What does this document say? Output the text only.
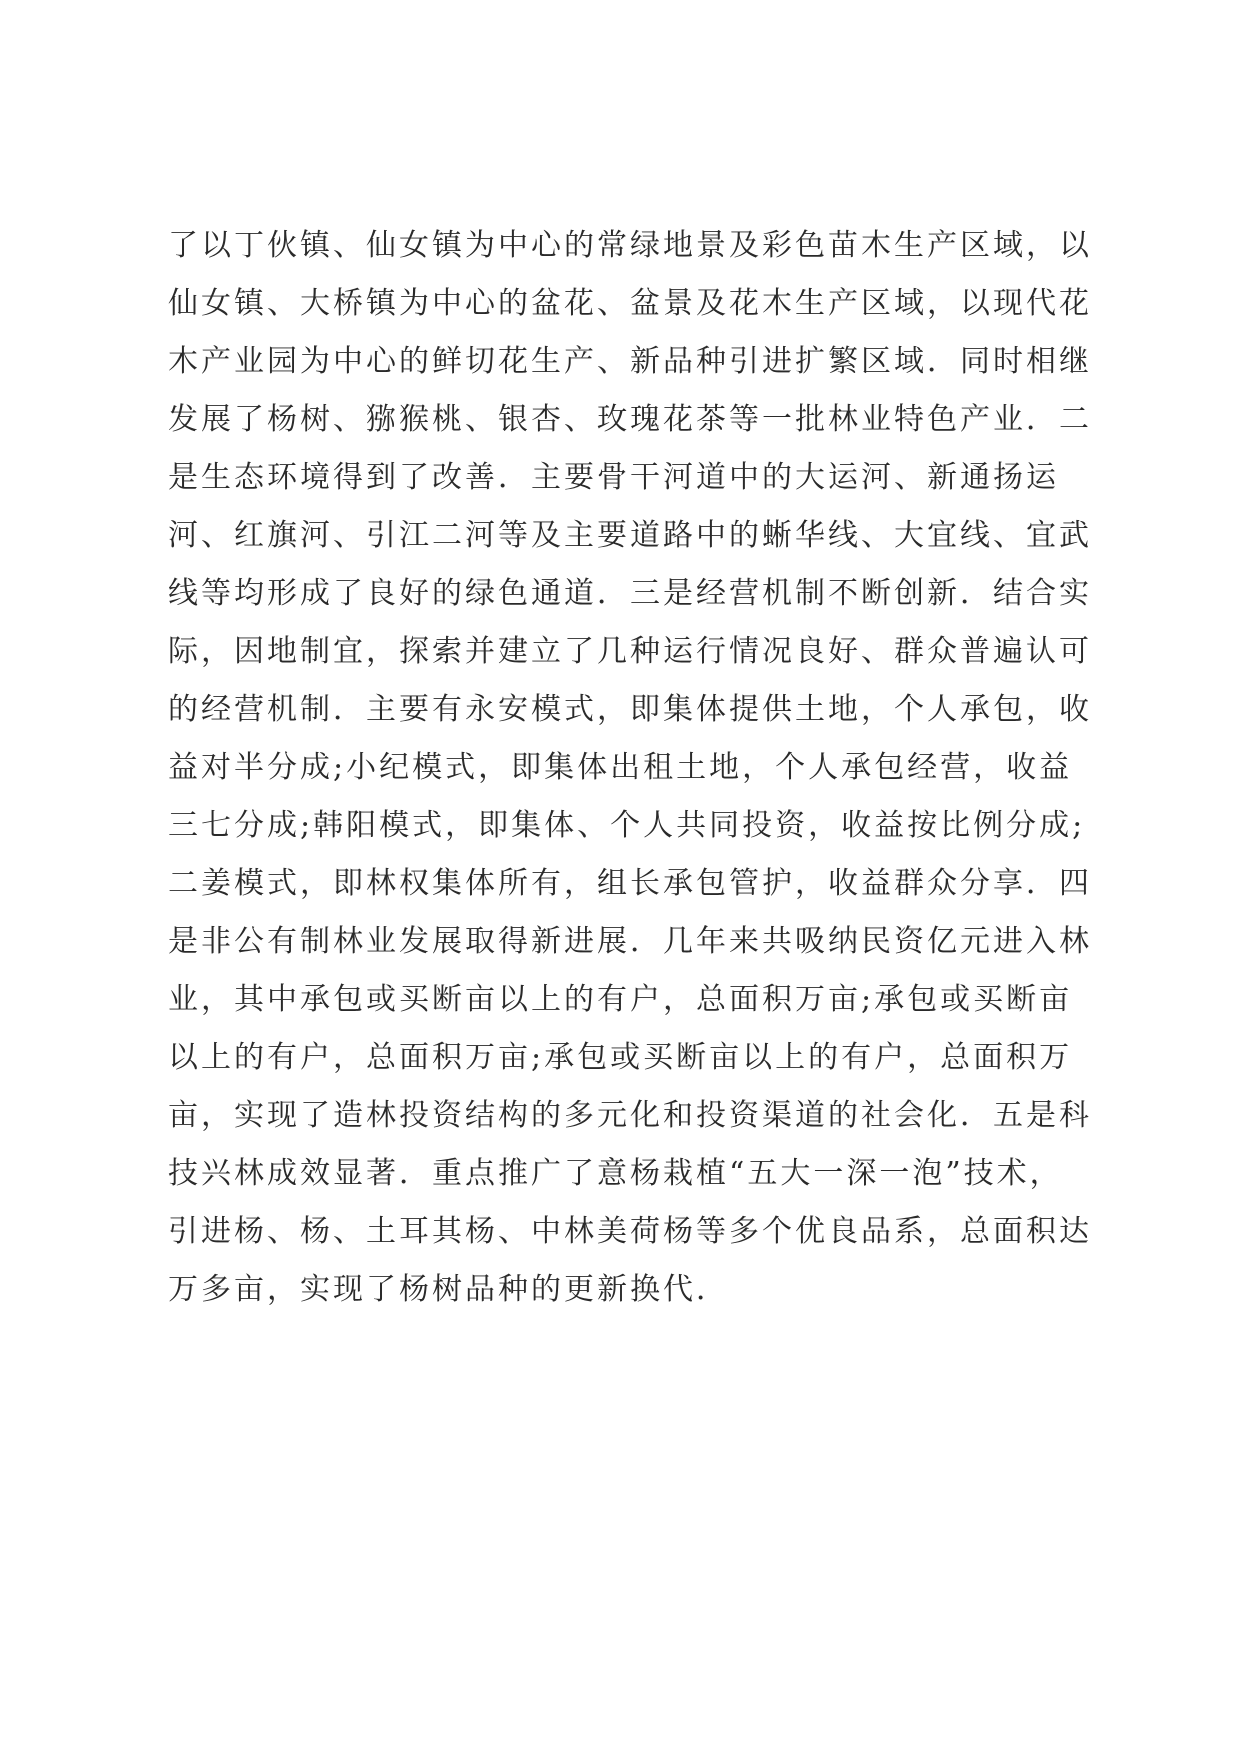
了以丁伙镇、仙女镇为中心的常绿地景及彩色苗木生产区域，以
仙女镇、大桥镇为中心的盆花、盆景及花木生产区域，以现代花
木产业园为中心的鲜切花生产、新品种引进扩繁区域．同时相继
发展了杨树、猕猴桃、银杏、玫瑰花茶等一批林业特色产业．二
是生态环境得到了改善．主要骨干河道中的大运河、新通扬运
河、红旗河、引江二河等及主要道路中的蜥华线、大宜线、宜武
线等均形成了良好的绿色通道．三是经营机制不断创新．结合实
际，因地制宜，探索并建立了几种运行情况良好、群众普遍认可
的经营机制．主要有永安模式，即集体提供土地，个人承包，收
益对半分成;小纪模式，即集体出租土地，个人承包经营，收益
三七分成;韩阳模式，即集体、个人共同投资，收益按比例分成;
二姜模式，即林权集体所有，组长承包管护，收益群众分享．四
是非公有制林业发展取得新进展．几年来共吸纳民资亿元进入林
业，其中承包或买断亩以上的有户，总面积万亩;承包或买断亩
以上的有户，总面积万亩;承包或买断亩以上的有户，总面积万
亩，实现了造林投资结构的多元化和投资渠道的社会化．五是科
技兴林成效显著．重点推广了意杨栽植“五大一深一泡”技术，
引进杨、杨、土耳其杨、中林美荷杨等多个优良品系，总面积达
万多亩，实现了杨树品种的更新换代．
